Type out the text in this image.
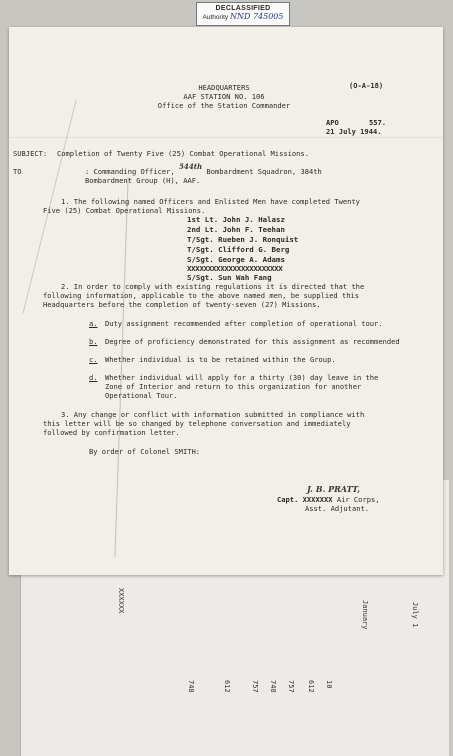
DECLASSIFIED
Authority NND 745005
XXXXXX	January	July 1
748	612	757 748 757 612 10
HEADQUARTERS
AAF STATION NO. 106
Office of the Station Commander
(O-A-18)
APO	557.
21 July 1944.
SUBJECT: Completion of Twenty Five (25) Combat Operational Missions.
TO	: Commanding Officer, 544th Bombardment Squadron, 384th
Bombardment Group (H), AAF.
1. The following named Officers and Enlisted Men have completed Twenty
Five (25) Combat Operational Missions.
1st Lt. John J. Halasz
2nd Lt. John F. Teehan
T/Sgt. Rueben J. Ronquist
T/Sgt. Clifford G. Berg
S/Sgt. George A. Adams
XXXXXXXXXXXXXXXXXXXXXXX
S/Sgt. Sun Wah Fang
2. In order to comply with existing regulations it is directed that the
following information, applicable to the above named men, be supplied this
Headquarters before the completion of twenty-seven (27) Missions.
a. Duty assignment recommended after completion of operational tour.
b. Degree of proficiency demonstrated for this assignment as recommended
c. Whether individual is to be retained within the Group.
d. Whether individual will apply for a thirty (30) day leave in the
Zone of Interior and return to this organization for another
Operational Tour.
3. Any change or conflict with information submitted in compliance with
this letter will be so changed by telephone conversation and immediately
followed by confirmation letter.
By order of Colonel SMITH:
J. B. PRATT,
Capt. XXXXXXX Air Corps,
Asst. Adjutant.
